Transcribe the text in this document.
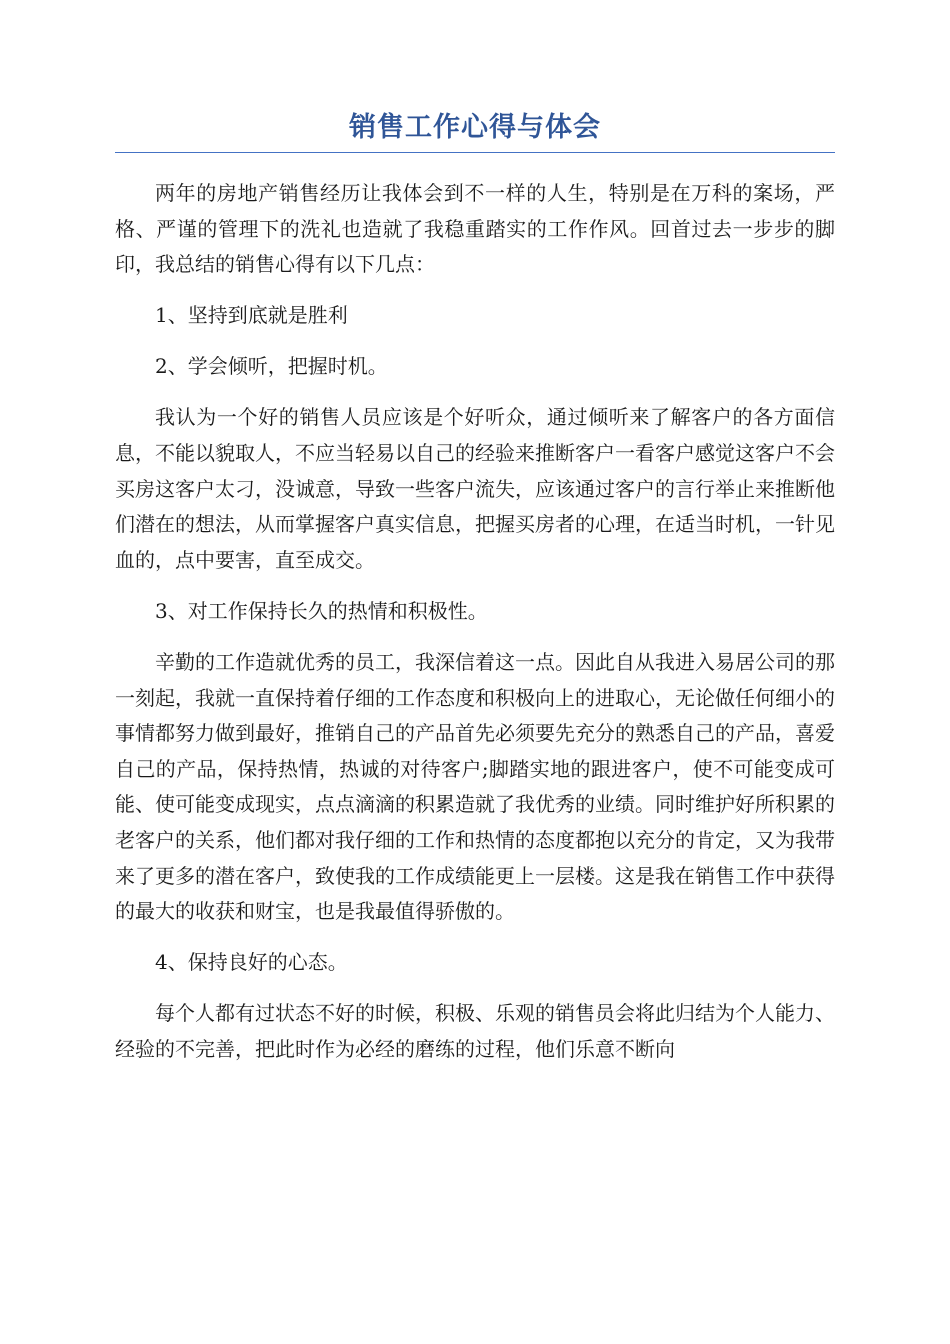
销售工作心得与体会

两年的房地产销售经历让我体会到不一样的人生，特别是在万科的案场，严格、严谨的管理下的洗礼也造就了我稳重踏实的工作作风。回首过去一步步的脚印，我总结的销售心得有以下几点：

1、坚持到底就是胜利

2、学会倾听，把握时机。

我认为一个好的销售人员应该是个好听众，通过倾听来了解客户的各方面信息，不能以貌取人，不应当轻易以自己的经验来推断客户一看客户感觉这客户不会买房这客户太刁，没诚意，导致一些客户流失，应该通过客户的言行举止来推断他们潜在的想法，从而掌握客户真实信息，把握买房者的心理，在适当时机，一针见血的，点中要害，直至成交。

3、对工作保持长久的热情和积极性。

辛勤的工作造就优秀的员工，我深信着这一点。因此自从我进入易居公司的那一刻起，我就一直保持着仔细的工作态度和积极向上的进取心，无论做任何细小的事情都努力做到最好，推销自己的产品首先必须要先充分的熟悉自己的产品，喜爱自己的产品，保持热情，热诚的对待客户;脚踏实地的跟进客户，使不可能变成可能、使可能变成现实，点点滴滴的积累造就了我优秀的业绩。同时维护好所积累的老客户的关系，他们都对我仔细的工作和热情的态度都抱以充分的肯定，又为我带来了更多的潜在客户，致使我的工作成绩能更上一层楼。这是我在销售工作中获得的最大的收获和财宝，也是我最值得骄傲的。

4、保持良好的心态。

每个人都有过状态不好的时候，积极、乐观的销售员会将此归结为个人能力、经验的不完善，把此时作为必经的磨练的过程，他们乐意不断向
